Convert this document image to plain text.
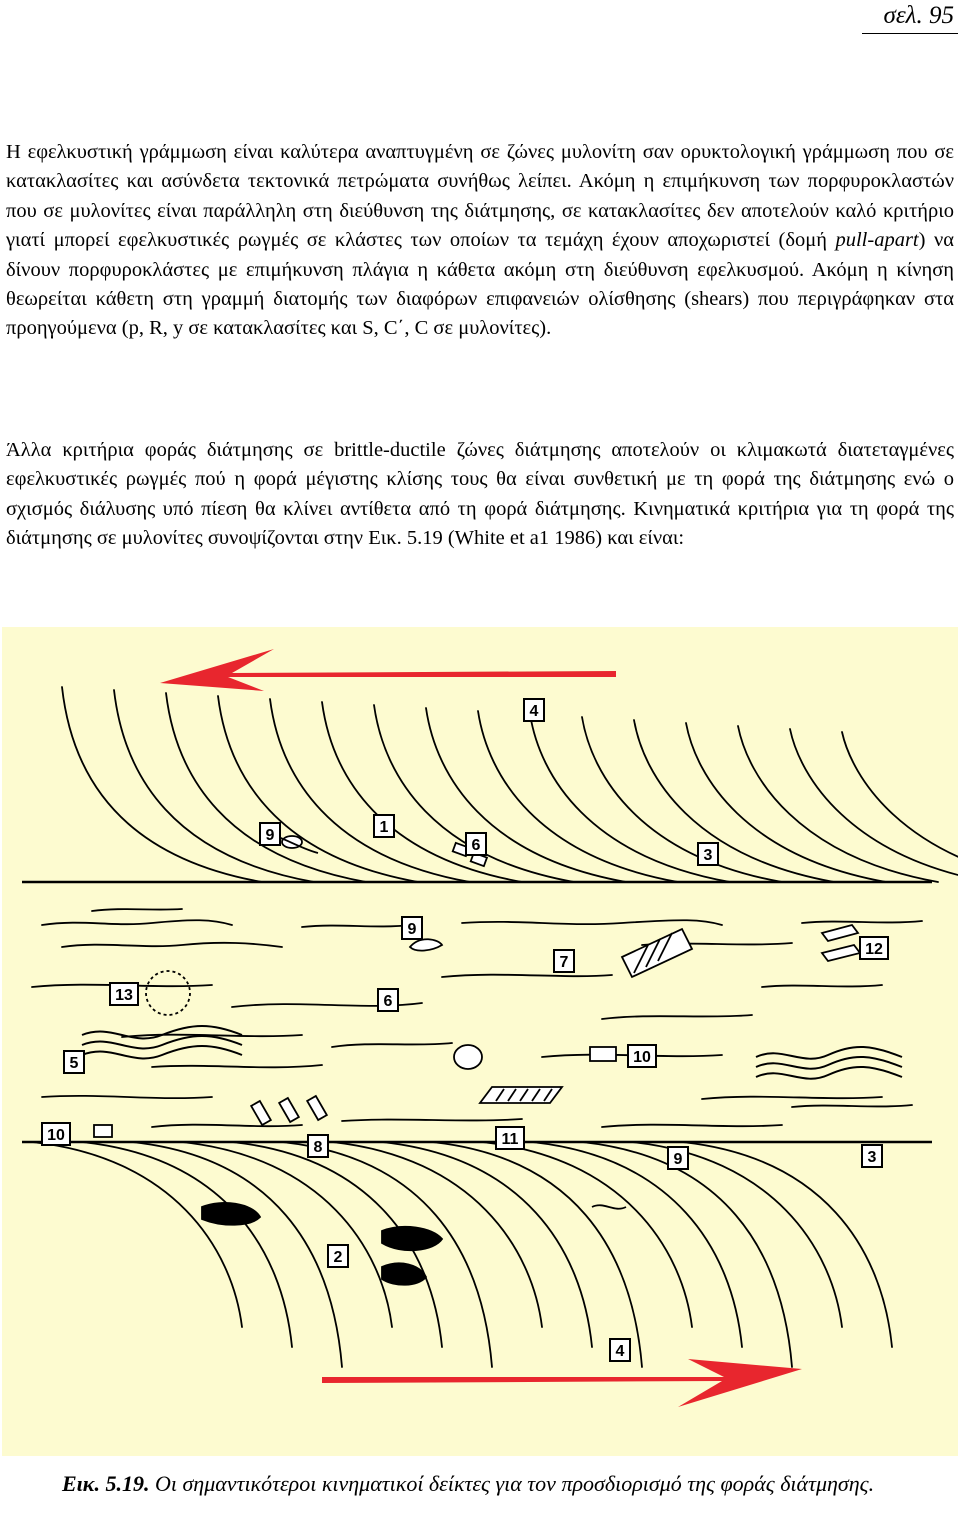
σελ. 95

Η εφελκυστική γράμμωση είναι καλύτερα αναπτυγμένη σε ζώνες μυλονίτη σαν ορυκτολογική γράμμωση που σε κατακλασίτες και ασύνδετα τεκτονικά πετρώματα συνήθως λείπει. Ακόμη η επιμήκυνση των πορφυροκλαστών που σε μυλονίτες είναι παράλληλη στη διεύθυνση της διάτμησης, σε κατακλασίτες δεν αποτελούν καλό κριτήριο γιατί μπορεί εφελκυστικές ρωγμές σε κλάστες των οποίων τα τεμάχη έχουν αποχωριστεί (δομή pull-apart) να δίνουν πορφυροκλάστες με επιμήκυνση πλάγια η κάθετα ακόμη στη διεύθυνση εφελκυσμού. Ακόμη η κίνηση θεωρείται κάθετη στη γραμμή διατομής των διαφόρων επιφανειών ολίσθησης (shears) που περιγράφηκαν στα προηγούμενα (p, R, y σε κατακλασίτες και S, C΄, C σε μυλονίτες).

Άλλα κριτήρια φοράς διάτμησης σε brittle-ductile ζώνες διάτμησης αποτελούν οι κλιμακωτά διατεταγμένες εφελκυστικές ρωγμές πού η φορά μέγιστης κλίσης τους θα είναι συνθετική με τη φορά της διάτμησης ενώ ο σχισμός διάλυσης υπό πίεση θα κλίνει αντίθετα από τη φορά διάτμησης. Κινηματικά κριτήρια για τη φορά της διάτμησης σε μυλονίτες συνοψίζονται στην Εικ. 5.19 (White et a1 1986) και είναι:

4
1
9
6
3
9
7
12
13	6
5	10
10
8	11
9	3
2
4

Εικ. 5.19. Οι σημαντικότεροι κινηματικοί δείκτες για τον προσδιορισμό της φοράς διάτμησης.
